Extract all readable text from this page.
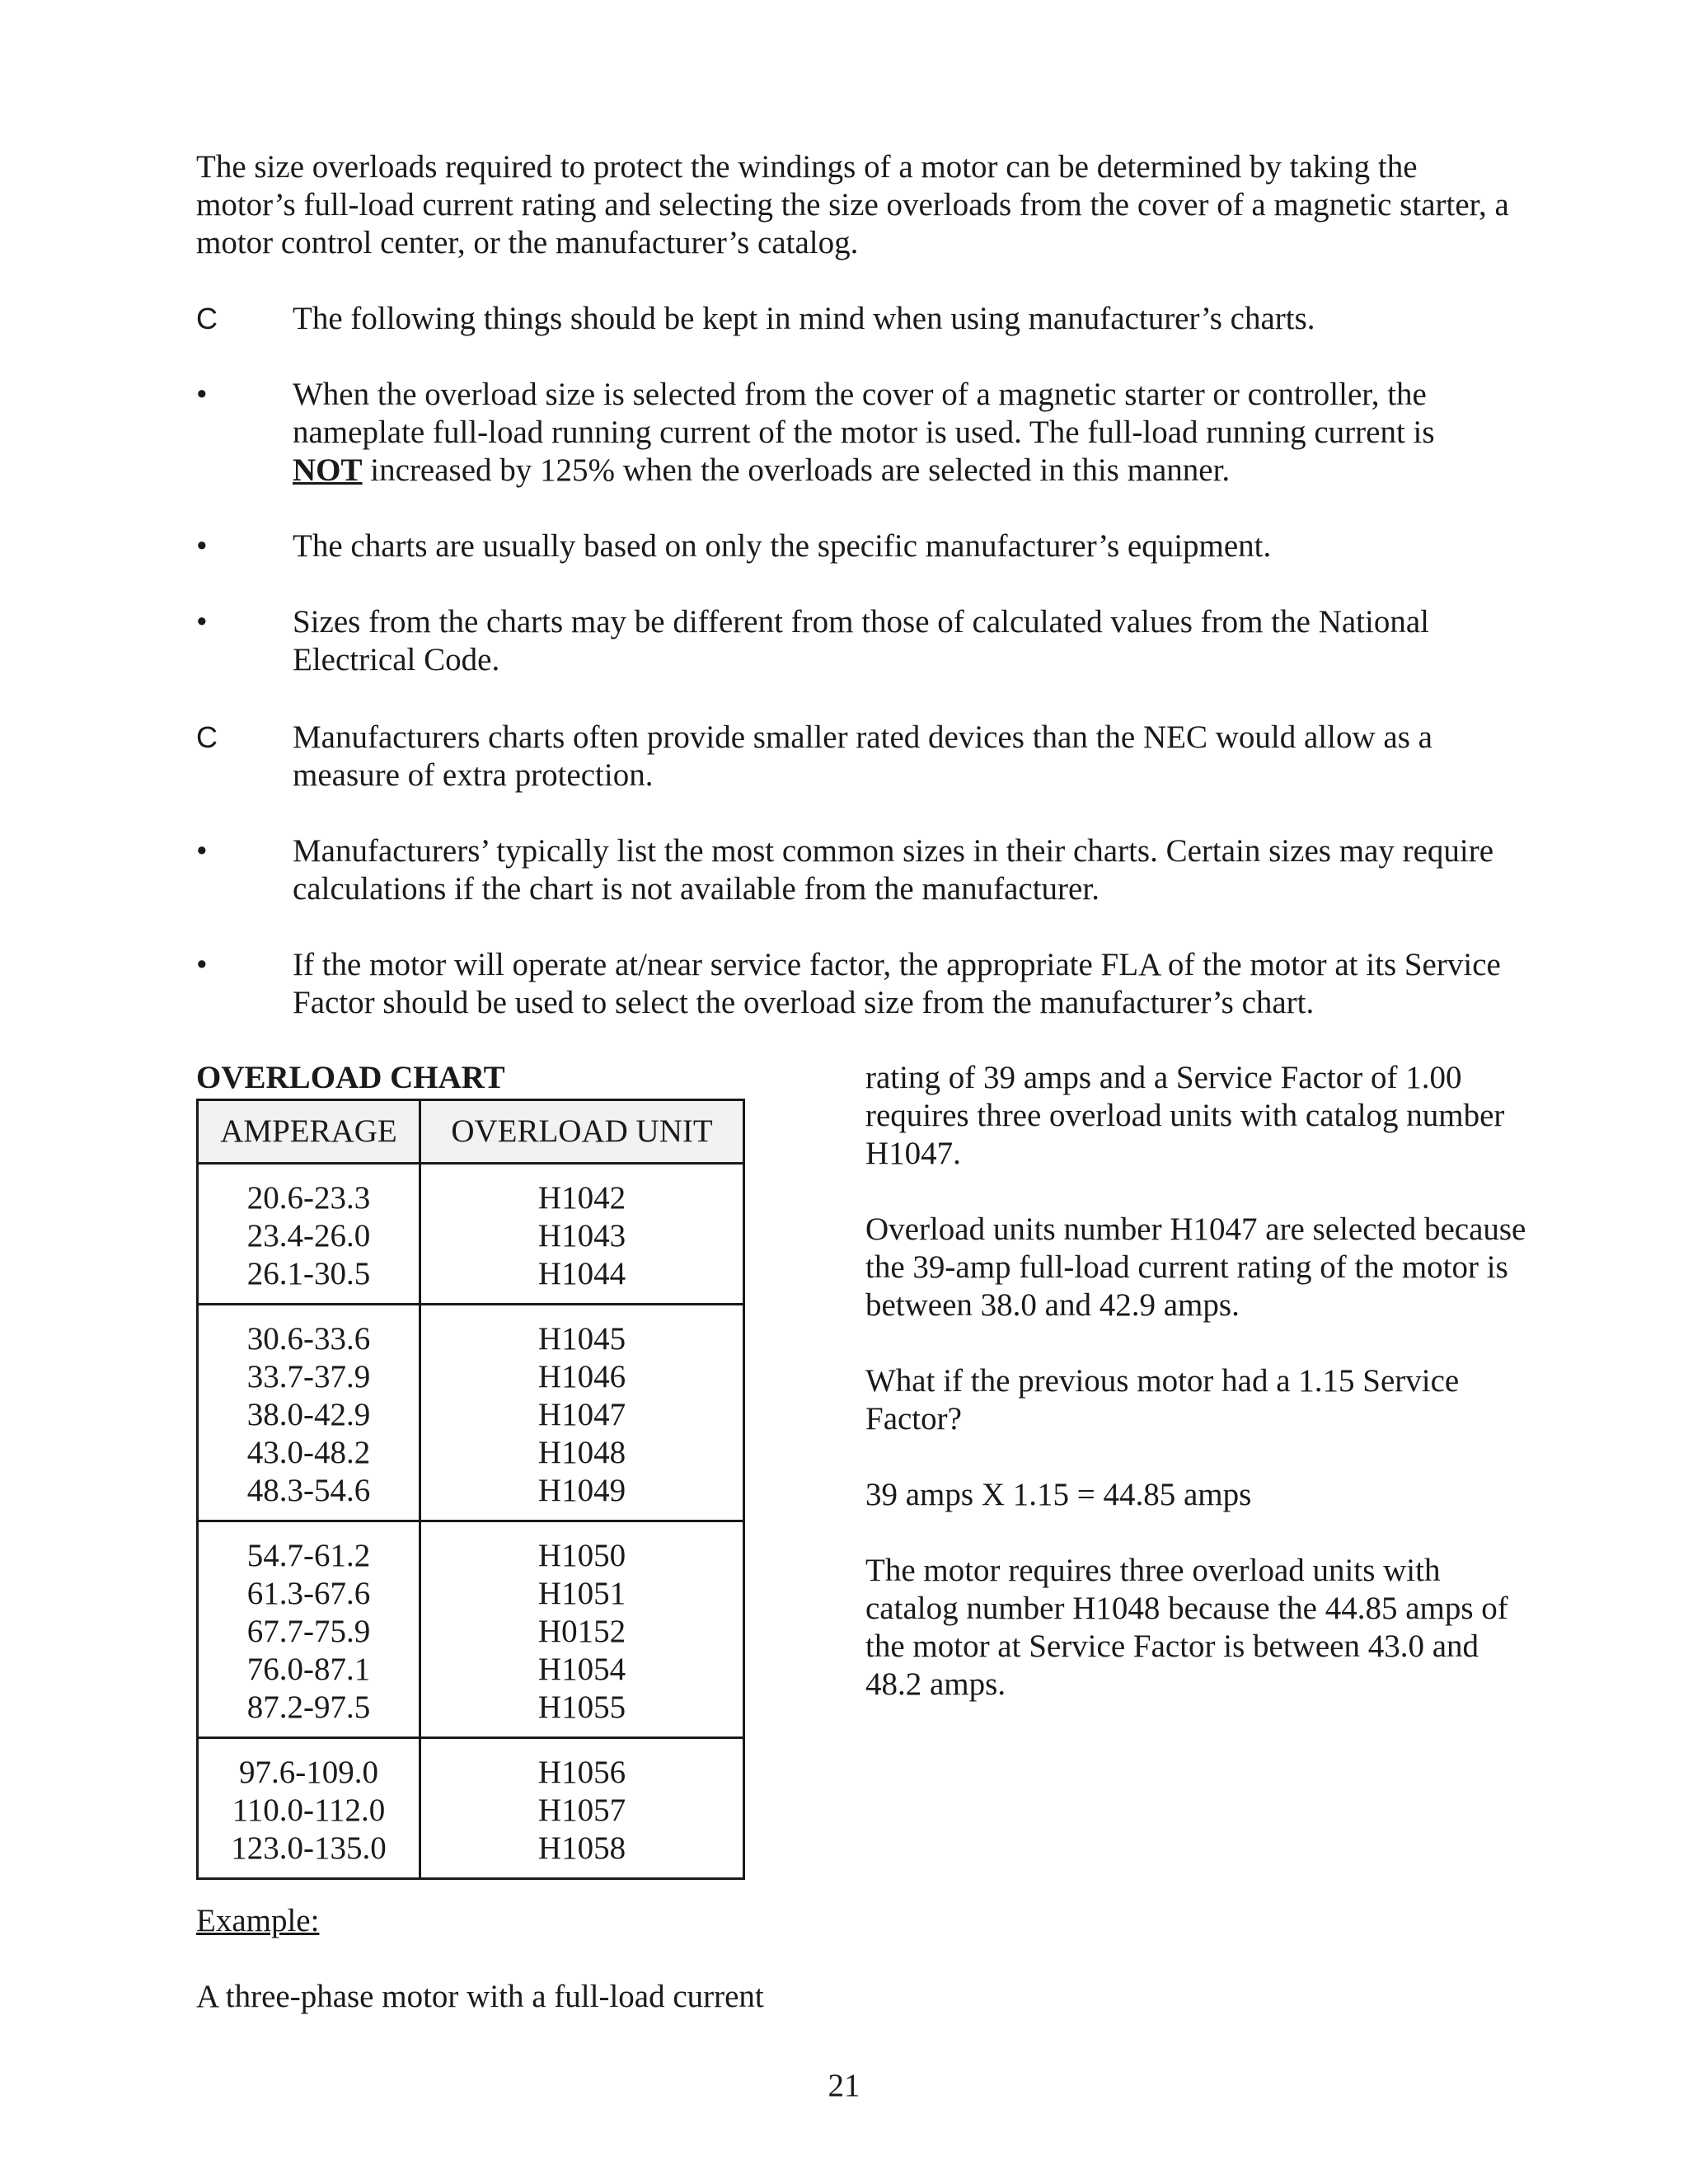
The size overloads required to protect the windings of a motor can be determined by taking the motor’s full-load current rating and selecting the size overloads from the cover of a magnetic starter, a motor control center, or the manufacturer’s catalog.

C	The following things should be kept in mind when using manufacturer’s charts.
•	When the overload size is selected from the cover of a magnetic starter or controller, the nameplate full-load running current of the motor is used. The full-load running current is
NOT increased by 125% when the overloads are selected in this manner.
•	The charts are usually based on only the specific manufacturer’s equipment.
•	Sizes from the charts may be different from those of calculated values from the National Electrical Code.
C	Manufacturers charts often provide smaller rated devices than the NEC would allow as a measure of extra protection.
•	Manufacturers’ typically list the most common sizes in their charts. Certain sizes may require calculations if the chart is not available from the manufacturer.
•	If the motor will operate at/near service factor, the appropriate FLA of the motor at its Service Factor should be used to select the overload size from the manufacturer’s chart.

OVERLOAD CHART

AMPERAGE	OVERLOAD UNIT
20.6-23.3	H1042
23.4-26.0	H1043
26.1-30.5	H1044
30.6-33.6	H1045
33.7-37.9	H1046
38.0-42.9	H1047
43.0-48.2	H1048
48.3-54.6	H1049
54.7-61.2	H1050
61.3-67.6	H1051
67.7-75.9	H0152
76.0-87.1	H1054
87.2-97.5	H1055
97.6-109.0	H1056
110.0-112.0	H1057
123.0-135.0	H1058

rating of 39 amps and a Service Factor of 1.00 requires three overload units with catalog number H1047.

Overload units number H1047 are selected because the 39-amp full-load current rating of the motor is between 38.0 and 42.9 amps.

What if the previous motor had a 1.15 Service Factor?

39 amps X 1.15 = 44.85 amps

The motor requires three overload units with catalog number H1048 because the 44.85 amps of the motor at Service Factor is between 43.0 and 48.2 amps.

Example:

A three-phase motor with a full-load current

21
